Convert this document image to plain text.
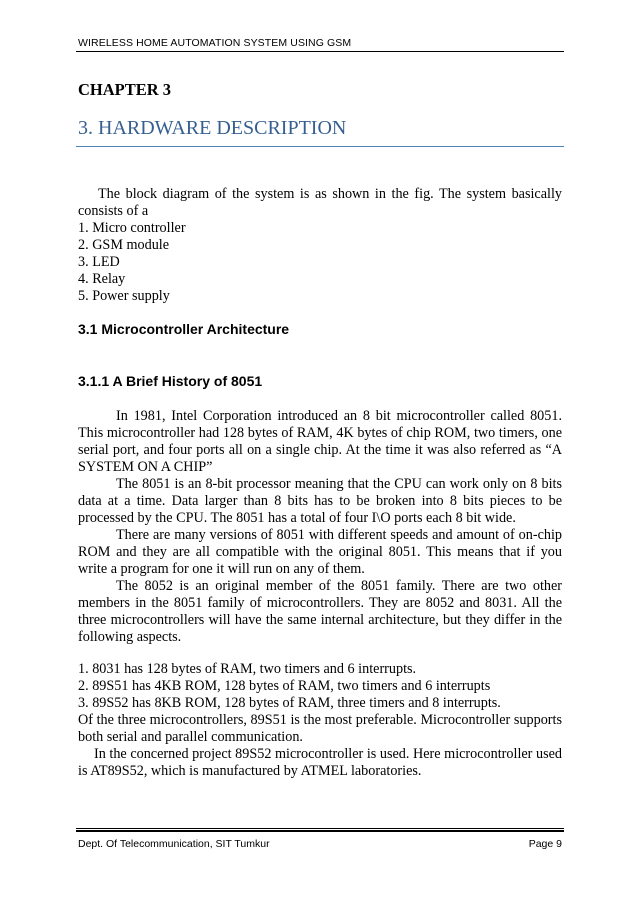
WIRELESS HOME AUTOMATION SYSTEM USING GSM
CHAPTER 3
3. HARDWARE DESCRIPTION

The block diagram of the system is as shown in the fig. The system basically consists of a

1. Micro controller

2. GSM module

3. LED

4. Relay

5. Power supply

3.1 Microcontroller Architecture
3.1.1 A Brief History of 8051

In 1981, Intel Corporation introduced an 8 bit microcontroller called 8051. This microcontroller had 128 bytes of RAM, 4K bytes of chip ROM, two timers, one serial port, and four ports all on a single chip. At the time it was also referred as “A SYSTEM ON A CHIP”

The 8051 is an 8-bit processor meaning that the CPU can work only on 8 bits data at a time. Data larger than 8 bits has to be broken into 8 bits pieces to be processed by the CPU. The 8051 has a total of four I\O ports each 8 bit wide.

There are many versions of 8051 with different speeds and amount of on-chip ROM and they are all compatible with the original 8051. This means that if you write a program for one it will run on any of them.

The 8052 is an original member of the 8051 family. There are two other members in the 8051 family of microcontrollers. They are 8052 and 8031. All the three microcontrollers will have the same internal architecture, but they differ in the following aspects.

1. 8031 has 128 bytes of RAM, two timers and 6 interrupts.

2. 89S51 has 4KB ROM, 128 bytes of RAM, two timers and 6 interrupts

3. 89S52 has 8KB ROM, 128 bytes of RAM, three timers and 8 interrupts.

Of the three microcontrollers, 89S51 is the most preferable. Microcontroller supports both serial and parallel communication.

In the concerned project 89S52 microcontroller is used. Here microcontroller used is AT89S52, which is manufactured by ATMEL laboratories.

Dept. Of Telecommunication, SIT Tumkur	Page 9
